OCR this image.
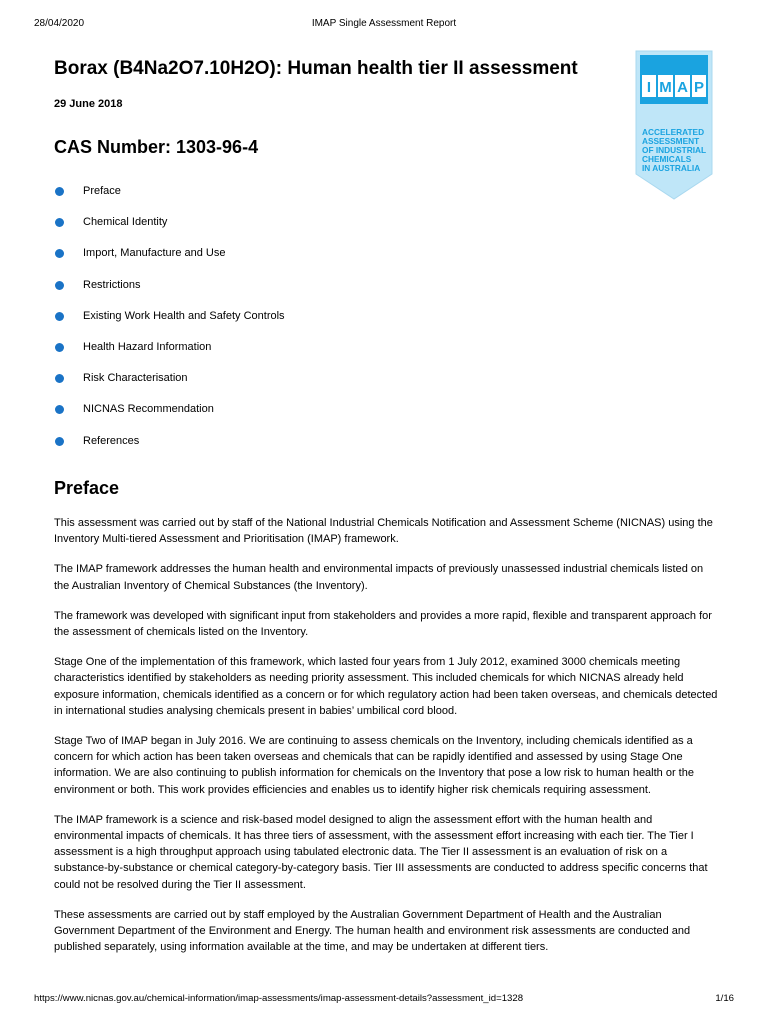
28/04/2020	IMAP Single Assessment Report
Borax (B4Na2O7.10H2O): Human health tier II assessment
29 June 2018
CAS Number: 1303-96-4
I M A P
ACCELERATED
ASSESSMENT
OF INDUSTRIAL
CHEMICALS
IN AUSTRALIA
Preface
Chemical Identity
Import, Manufacture and Use
Restrictions
Existing Work Health and Safety Controls
Health Hazard Information
Risk Characterisation
NICNAS Recommendation
References
Preface

This assessment was carried out by staff of the National Industrial Chemicals Notification and Assessment Scheme (NICNAS) using the Inventory Multi-tiered Assessment and Prioritisation (IMAP) framework.

The IMAP framework addresses the human health and environmental impacts of previously unassessed industrial chemicals listed on the Australian Inventory of Chemical Substances (the Inventory).

The framework was developed with significant input from stakeholders and provides a more rapid, flexible and transparent approach for the assessment of chemicals listed on the Inventory.

Stage One of the implementation of this framework, which lasted four years from 1 July 2012, examined 3000 chemicals meeting characteristics identified by stakeholders as needing priority assessment. This included chemicals for which NICNAS already held exposure information, chemicals identified as a concern or for which regulatory action had been taken overseas, and chemicals detected in international studies analysing chemicals present in babies’ umbilical cord blood.

Stage Two of IMAP began in July 2016. We are continuing to assess chemicals on the Inventory, including chemicals identified as a concern for which action has been taken overseas and chemicals that can be rapidly identified and assessed by using Stage One information. We are also continuing to publish information for chemicals on the Inventory that pose a low risk to human health or the environment or both. This work provides efficiencies and enables us to identify higher risk chemicals requiring assessment.

The IMAP framework is a science and risk-based model designed to align the assessment effort with the human health and environmental impacts of chemicals. It has three tiers of assessment, with the assessment effort increasing with each tier. The Tier I assessment is a high throughput approach using tabulated electronic data. The Tier II assessment is an evaluation of risk on a substance-by-substance or chemical category-by-category basis. Tier III assessments are conducted to address specific concerns that could not be resolved during the Tier II assessment.

These assessments are carried out by staff employed by the Australian Government Department of Health and the Australian Government Department of the Environment and Energy. The human health and environment risk assessments are conducted and published separately, using information available at the time, and may be undertaken at different tiers.

https://www.nicnas.gov.au/chemical-information/imap-assessments/imap-assessment-details?assessment_id=1328	1/16
